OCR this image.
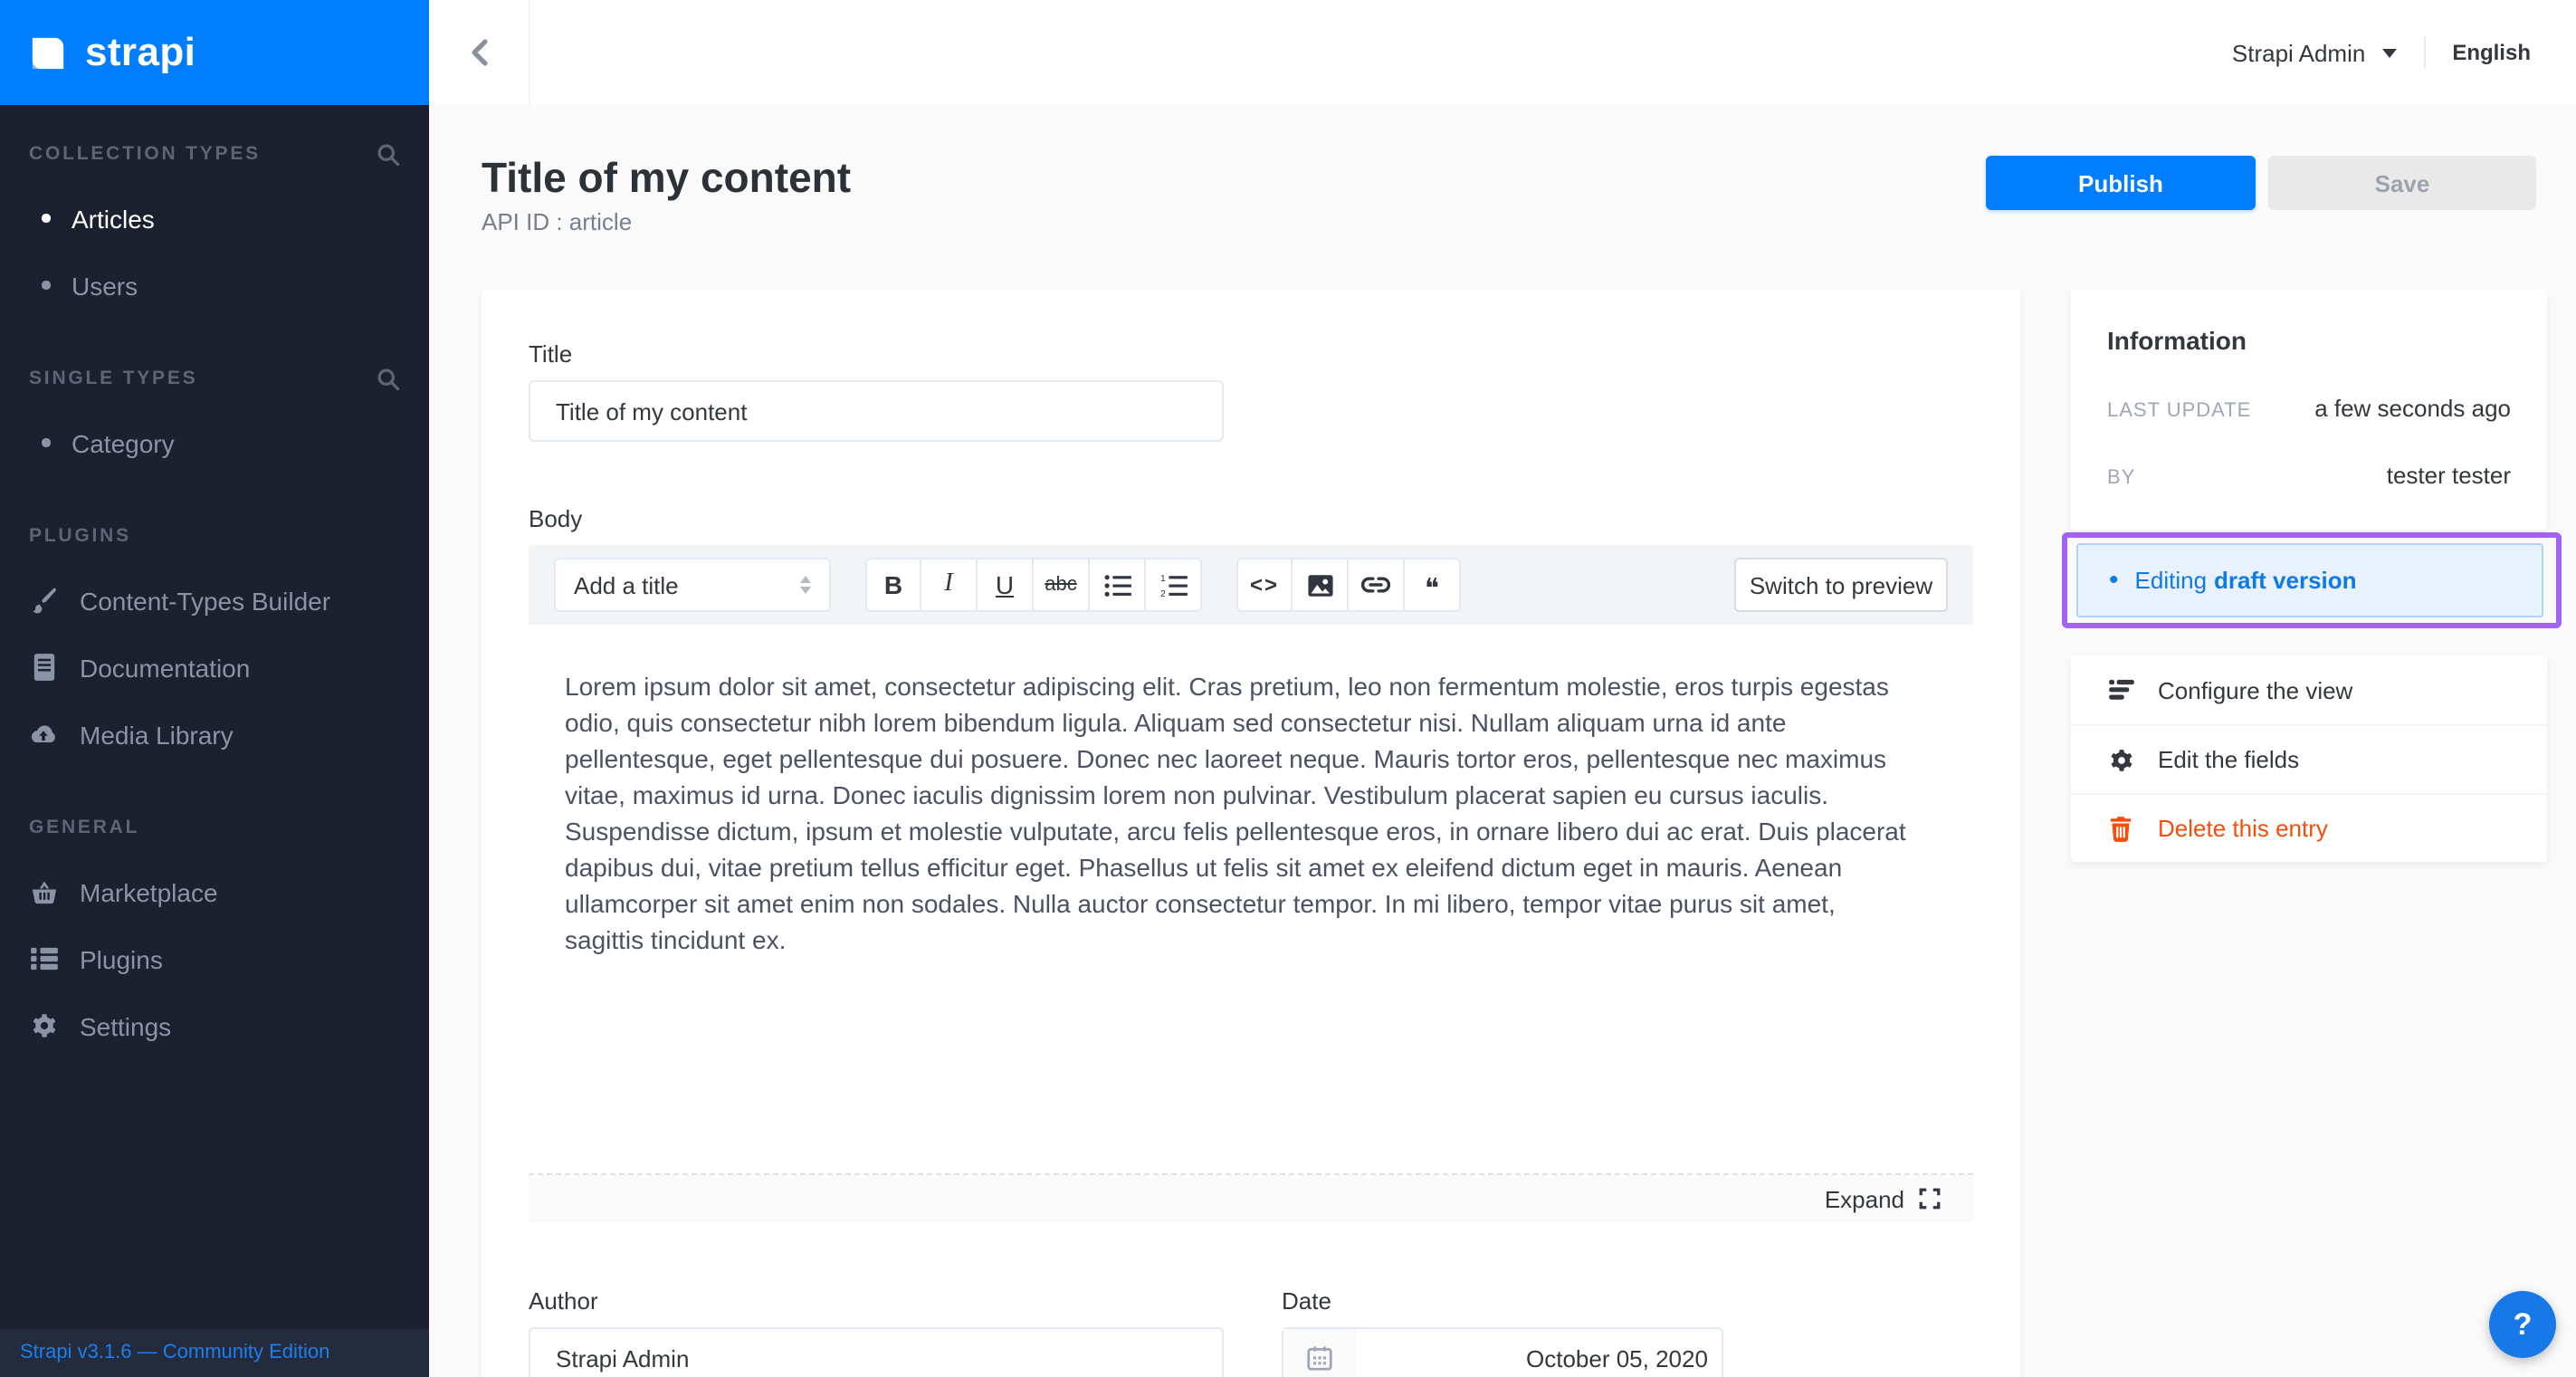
strapi
COLLECTION TYPES
Articles
Users
SINGLE TYPES
Category
PLUGINS
Content-Types Builder
Documentation
Media Library
GENERAL
Marketplace
Plugins
Settings
Strapi v3.1.6 — Community Edition
Strapi Admin	English
Title of my content
API ID : article
Publish	Save
Title
Title of my content
Body
Add a title	B	I	U	abc	1
2	<>	❝	Switch to preview
Lorem ipsum dolor sit amet, consectetur adipiscing elit. Cras pretium, leo non fermentum molestie, eros turpis egestas odio, quis consectetur nibh lorem bibendum ligula. Aliquam sed consectetur nisi. Nullam aliquam urna id ante pellentesque, eget pellentesque dui posuere. Donec nec laoreet neque. Mauris tortor eros, pellentesque nec maximus vitae, maximus id urna. Donec iaculis dignissim lorem non pulvinar. Vestibulum placerat sapien eu cursus iaculis. Suspendisse dictum, ipsum et molestie vulputate, arcu felis pellentesque eros, in ornare libero dui ac erat. Duis placerat dapibus dui, vitae pretium tellus efficitur eget. Phasellus ut felis sit amet ex eleifend dictum eget in mauris. Aenean ullamcorper sit amet enim non sodales. Nulla auctor consectetur tempor. In mi libero, tempor vitae purus sit amet, sagittis tincidunt ex.
Expand
Author
Strapi Admin	Date
October 05, 2020
Information
LAST UPDATE	a few seconds ago
BY	tester tester
• Editing draft version
Configure the view
Edit the fields
Delete this entry
?
